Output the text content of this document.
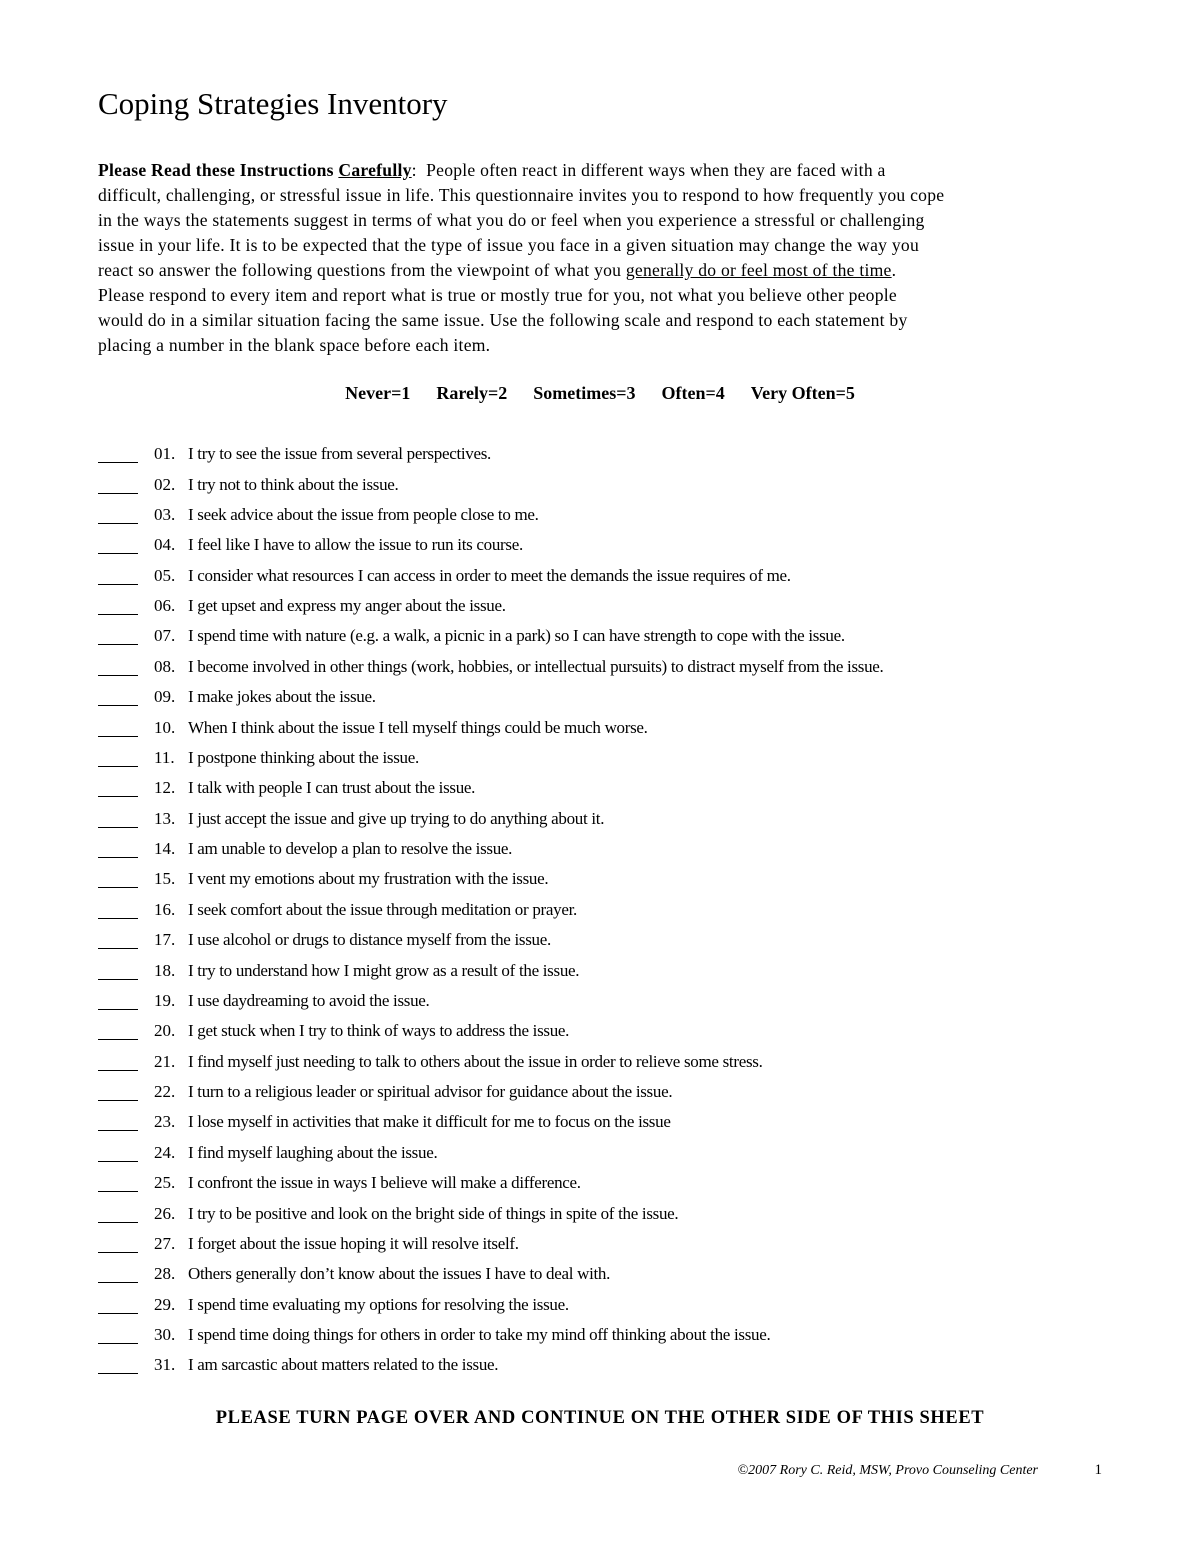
Coping Strategies Inventory
Please Read these Instructions Carefully:  People often react in different ways when they are faced with a
difficult, challenging, or stressful issue in life. This questionnaire invites you to respond to how frequently you cope
in the ways the statements suggest in terms of what you do or feel when you experience a stressful or challenging
issue in your life. It is to be expected that the type of issue you face in a given situation may change the way you
react so answer the following questions from the viewpoint of what you generally do or feel most of the time.
Please respond to every item and report what is true or mostly true for you, not what you believe other people
would do in a similar situation facing the same issue. Use the following scale and respond to each statement by
placing a number in the blank space before each item.
Never=1 Rarely=2 Sometimes=3 Often=4 Very Often=5
01. I try to see the issue from several perspectives.
02. I try not to think about the issue.
03. I seek advice about the issue from people close to me.
04. I feel like I have to allow the issue to run its course.
05. I consider what resources I can access in order to meet the demands the issue requires of me.
06. I get upset and express my anger about the issue.
07. I spend time with nature (e.g. a walk, a picnic in a park) so I can have strength to cope with the issue.
08. I become involved in other things (work, hobbies, or intellectual pursuits) to distract myself from the issue.
09. I make jokes about the issue.
10. When I think about the issue I tell myself things could be much worse.
11. I postpone thinking about the issue.
12. I talk with people I can trust about the issue.
13. I just accept the issue and give up trying to do anything about it.
14. I am unable to develop a plan to resolve the issue.
15. I vent my emotions about my frustration with the issue.
16. I seek comfort about the issue through meditation or prayer.
17. I use alcohol or drugs to distance myself from the issue.
18. I try to understand how I might grow as a result of the issue.
19. I use daydreaming to avoid the issue.
20. I get stuck when I try to think of ways to address the issue.
21. I find myself just needing to talk to others about the issue in order to relieve some stress.
22. I turn to a religious leader or spiritual advisor for guidance about the issue.
23. I lose myself in activities that make it difficult for me to focus on the issue
24. I find myself laughing about the issue.
25. I confront the issue in ways I believe will make a difference.
26. I try to be positive and look on the bright side of things in spite of the issue.
27. I forget about the issue hoping it will resolve itself.
28. Others generally don’t know about the issues I have to deal with.
29. I spend time evaluating my options for resolving the issue.
30. I spend time doing things for others in order to take my mind off thinking about the issue.
31. I am sarcastic about matters related to the issue.
PLEASE TURN PAGE OVER AND CONTINUE ON THE OTHER SIDE OF THIS SHEET
©2007 Rory C. Reid, MSW, Provo Counseling Center	1
